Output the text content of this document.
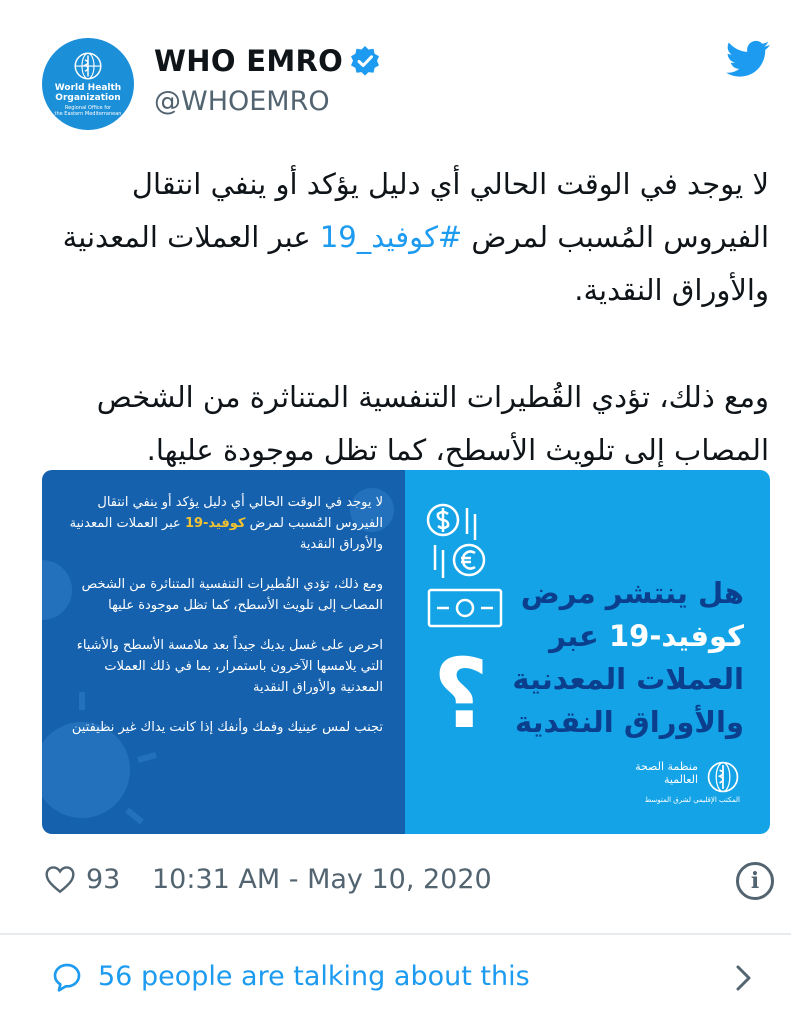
World Health
Organization
Regional Office for
the Eastern Mediterranean
WHO EMRO
@WHOEMRO

لا يوجد في الوقت الحالي أي دليل يؤكد أو ينفي انتقال الفيروس المُسبب لمرض #كوفيد_19 عبر العملات المعدنية والأوراق النقدية.

ومع ذلك، تؤدي القُطيرات التنفسية المتناثرة من الشخص المصاب إلى تلويث الأسطح، كما تظل موجودة عليها.

لا يوجد في الوقت الحالي أي دليل يؤكد أو ينفي انتقال الفيروس المُسبب لمرض كوفيد-19 عبر العملات المعدنية والأوراق النقدية
ومع ذلك، تؤدي القُطيرات التنفسية المتناثرة من الشخص المصاب إلى تلويث الأسطح، كما تظل موجودة عليها
احرص على غسل يديك جيداً بعد ملامسة الأسطح والأشياء التي يلامسها الآخرون باستمرار، بما في ذلك العملات المعدنية والأوراق النقدية
تجنب لمس عينيك وفمك وأنفك إذا كانت يداك غير نظيفتين
هل ينتشر مرض
كوفيد-19 عبر
العملات المعدنية
والأوراق النقدية
؟
منظمة الصحة العالمية
المكتب الإقليمي لشرق المتوسط
93 10:31 AM - May 10, 2020	i
56 people are talking about this
